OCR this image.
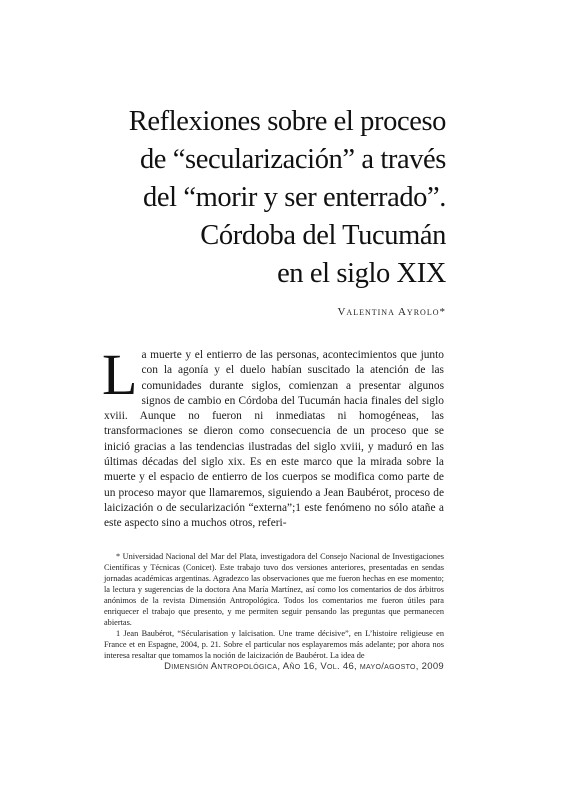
Reflexiones sobre el proceso
de “secularización” a través
del “morir y ser enterrado”.
Córdoba del Tucumán
en el siglo XIX
Valentina Ayrolo*

La muerte y el entierro de las personas, acontecimientos que junto con la agonía y el duelo habían suscitado la atención de las comunidades durante siglos, comienzan a presentar algunos signos de cambio en Córdoba del Tucumán hacia finales del siglo xviii. Aunque no fueron ni inmediatas ni homogéneas, las transformaciones se dieron como consecuencia de un proceso que se inició gracias a las tendencias ilustradas del siglo xviii, y maduró en las últimas décadas del siglo xix. Es en este marco que la mirada sobre la muerte y el espacio de entierro de los cuerpos se modifica como parte de un proceso mayor que llamaremos, siguiendo a Jean Baubérot, proceso de laicización o de secularización “externa”;1 este fenómeno no sólo atañe a este aspecto sino a muchos otros, referi-

* Universidad Nacional del Mar del Plata, investigadora del Consejo Nacional de Investigaciones Científicas y Técnicas (Conicet). Este trabajo tuvo dos versiones anteriores, presentadas en sendas jornadas académicas argentinas. Agradezco las observaciones que me fueron hechas en ese momento; la lectura y sugerencias de la doctora Ana María Martínez, así como los comentarios de dos árbitros anónimos de la revista Dimensión Antropológica. Todos los comentarios me fueron útiles para enriquecer el trabajo que presento, y me permiten seguir pensando las preguntas que permanecen abiertas.

1 Jean Baubérot, “Sécularisation y laïcisation. Une trame décisive”, en L’histoire religieuse en France et en Espagne, 2004, p. 21. Sobre el particular nos esplayaremos más adelante; por ahora nos interesa resaltar que tomamos la noción de laicización de Baubérot. La idea de

Dimensión Antropológica, Año 16, Vol. 46, mayo/agosto, 2009
